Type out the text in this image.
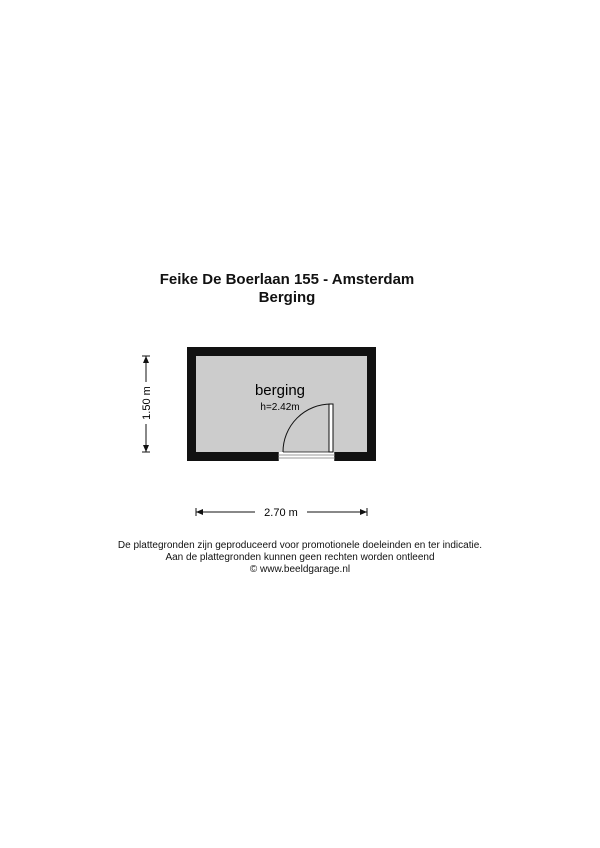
Feike De Boerlaan 155 - Amsterdam
Berging
berging
h=2.42m
1.50 m
2.70 m
De plattegronden zijn geproduceerd voor promotionele doeleinden en ter indicatie.
Aan de plattegronden kunnen geen rechten worden ontleend
© www.beeldgarage.nl
